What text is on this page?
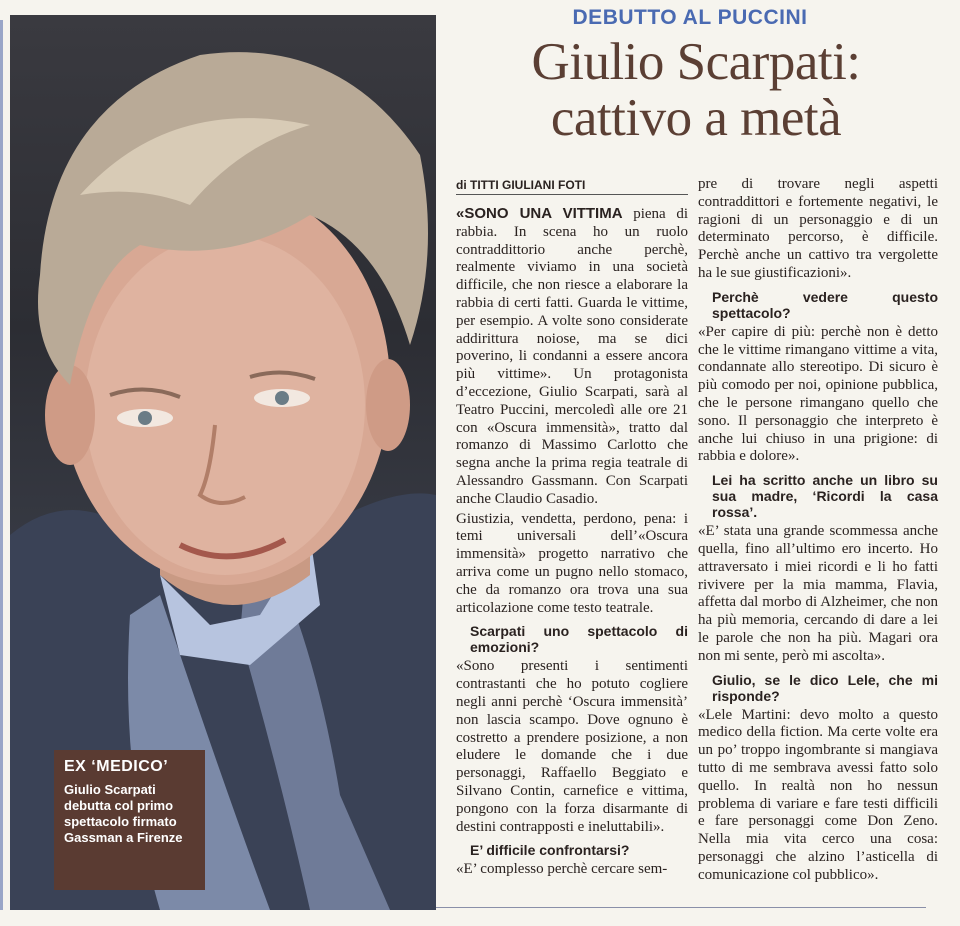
EX ‘MEDICO’
Giulio Scarpati debutta col primo spettacolo firmato Gassman a Firenze
DEBUTTO AL PUCCINI
Giulio Scarpati:
cattivo a metà
di TITTI GIULIANI FOTI

«SONO UNA VITTIMA piena di rabbia. In scena ho un ruolo contraddittorio anche perchè, realmente viviamo in una società difficile, che non riesce a elaborare la rabbia di certi fatti. Guarda le vittime, per esempio. A volte sono considerate addirittura noiose, ma se dici poverino, li condanni a essere ancora più vittime». Un protagonista d’eccezione, Giulio Scarpati, sarà al Teatro Puccini, mercoledì alle ore 21 con «Oscura immensità», tratto dal romanzo di Massimo Carlotto che segna anche la prima regia teatrale di Alessandro Gassmann. Con Scarpati anche Claudio Casadio.

Giustizia, vendetta, perdono, pena: i temi universali dell’«Oscura immensità» progetto narrativo che arriva come un pugno nello stomaco, che da romanzo ora trova una sua articolazione come testo teatrale.

Scarpati uno spettacolo di emozioni?

«Sono presenti i sentimenti contrastanti che ho potuto cogliere negli anni perchè ‘Oscura immensità’ non lascia scampo. Dove ognuno è costretto a prendere posizione, a non eludere le domande che i due personaggi, Raffaello Beggiato e Silvano Contin, carnefice e vittima, pongono con la forza disarmante di destini contrapposti e ineluttabili».

E’ difficile confrontarsi?

«E’ complesso perchè cercare sem-

pre di trovare negli aspetti contraddittori e fortemente negativi, le ragioni di un personaggio e di un determinato percorso, è difficile. Perchè anche un cattivo tra vergolette ha le sue giustificazioni».

Perchè vedere questo spettacolo?

«Per capire di più: perchè non è detto che le vittime rimangano vittime a vita, condannate allo stereotipo. Di sicuro è più comodo per noi, opinione pubblica, che le persone rimangano quello che sono. Il personaggio che interpreto è anche lui chiuso in una prigione: di rabbia e dolore».

Lei ha scritto anche un libro su sua madre, ‘Ricordi la casa rossa’.

«E’ stata una grande scommessa anche quella, fino all’ultimo ero incerto. Ho attraversato i miei ricordi e li ho fatti rivivere per la mia mamma, Flavia, affetta dal morbo di Alzheimer, che non ha più memoria, cercando di dare a lei le parole che non ha più. Magari ora non mi sente, però mi ascolta».

Giulio, se le dico Lele, che mi risponde?

«Lele Martini: devo molto a questo medico della fiction. Ma certe volte era un po’ troppo ingombrante si mangiava tutto di me sembrava avessi fatto solo quello. In realtà non ho nessun problema di variare e fare testi difficili e fare personaggi come Don Zeno. Nella mia vita cerco una cosa: personaggi che alzino l’asticella di comunicazione col pubblico».
